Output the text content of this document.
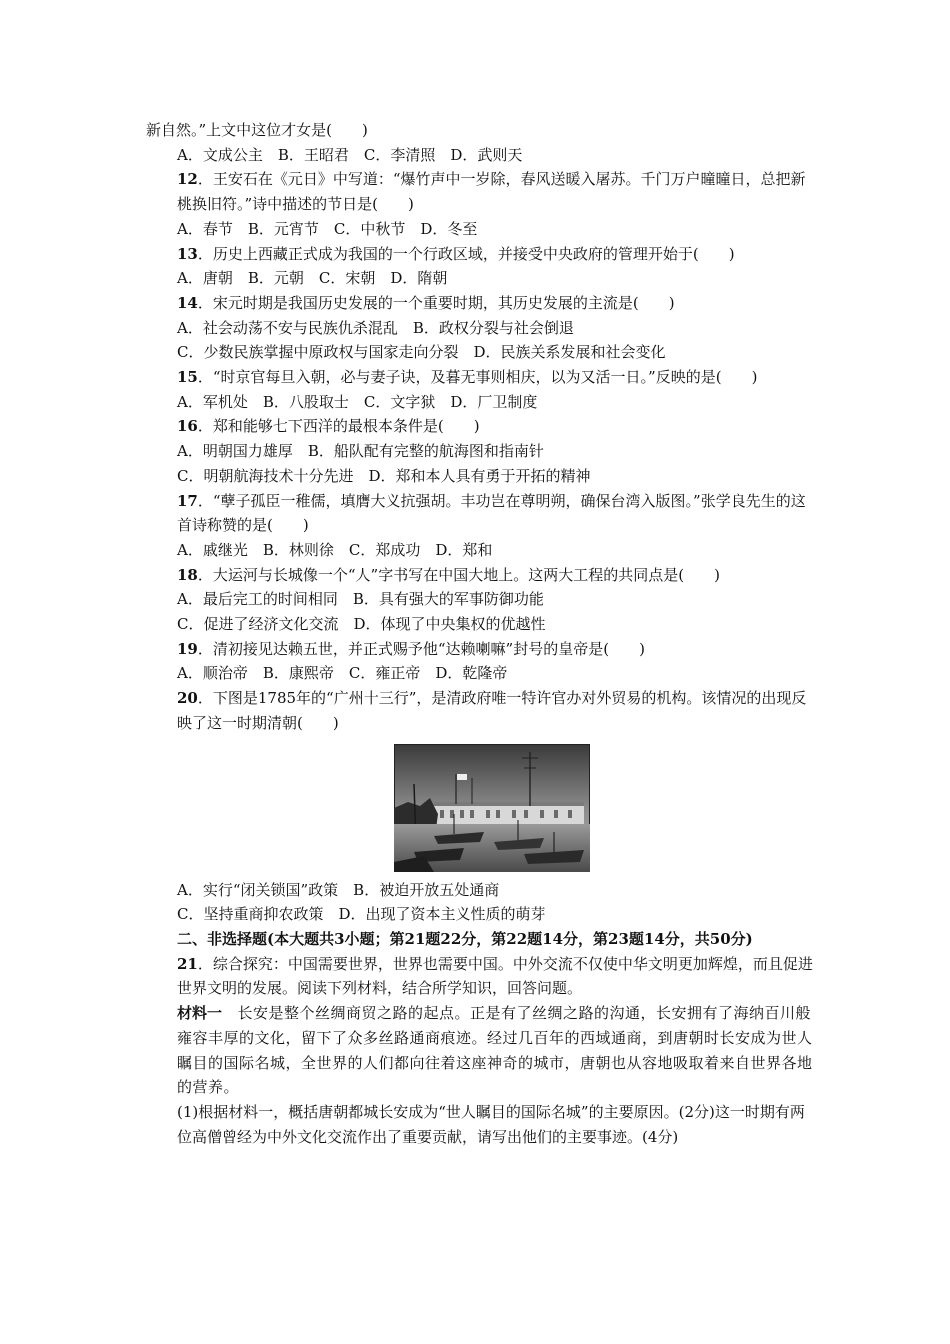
新自然。”上文中这位才女是(　　)

A．文成公主　B．王昭君　C．李清照　D．武则天

12．王安石在《元日》中写道：“爆竹声中一岁除，春风送暖入屠苏。千门万户曈曈日，总把新桃换旧符。”诗中描述的节日是(　　)

A．春节　B．元宵节　C．中秋节　D．冬至

13．历史上西藏正式成为我国的一个行政区域，并接受中央政府的管理开始于(　　)

A．唐朝　B．元朝　C．宋朝　D．隋朝

14．宋元时期是我国历史发展的一个重要时期，其历史发展的主流是(　　)

A．社会动荡不安与民族仇杀混乱　B．政权分裂与社会倒退

C．少数民族掌握中原政权与国家走向分裂　D．民族关系发展和社会变化

15．“时京官每旦入朝，必与妻子诀，及暮无事则相庆，以为又活一日。”反映的是(　　)

A．军机处　B．八股取士　C．文字狱　D．厂卫制度

16．郑和能够七下西洋的最根本条件是(　　)

A．明朝国力雄厚　B．船队配有完整的航海图和指南针

C．明朝航海技术十分先进　D．郑和本人具有勇于开拓的精神

17．“孽子孤臣一稚儒，填膺大义抗强胡。丰功岂在尊明朔，确保台湾入版图。”张学良先生的这首诗称赞的是(　　)

A．戚继光　B．林则徐　C．郑成功　D．郑和

18．大运河与长城像一个“人”字书写在中国大地上。这两大工程的共同点是(　　)

A．最后完工的时间相同　B．具有强大的军事防御功能

C．促进了经济文化交流　D．体现了中央集权的优越性

19．清初接见达赖五世，并正式赐予他“达赖喇嘛”封号的皇帝是(　　)

A．顺治帝　B．康熙帝　C．雍正帝　D．乾隆帝

20．下图是1785年的“广州十三行”，是清政府唯一特许官办对外贸易的机构。该情况的出现反映了这一时期清朝(　　)

A．实行“闭关锁国”政策　B．被迫开放五处通商

C．坚持重商抑农政策　D．出现了资本主义性质的萌芽

二、非选择题(本大题共3小题；第21题22分，第22题14分，第23题14分，共50分)

21．综合探究：中国需要世界，世界也需要中国。中外交流不仅使中华文明更加辉煌，而且促进世界文明的发展。阅读下列材料，结合所学知识，回答问题。

材料一　长安是整个丝绸商贸之路的起点。正是有了丝绸之路的沟通，长安拥有了海纳百川般雍容丰厚的文化，留下了众多丝路通商痕迹。经过几百年的西域通商，到唐朝时长安成为世人瞩目的国际名城，全世界的人们都向往着这座神奇的城市，唐朝也从容地吸取着来自世界各地的营养。

(1)根据材料一，概括唐朝都城长安成为“世人瞩目的国际名城”的主要原因。(2分)这一时期有两位高僧曾经为中外文化交流作出了重要贡献，请写出他们的主要事迹。(4分)
